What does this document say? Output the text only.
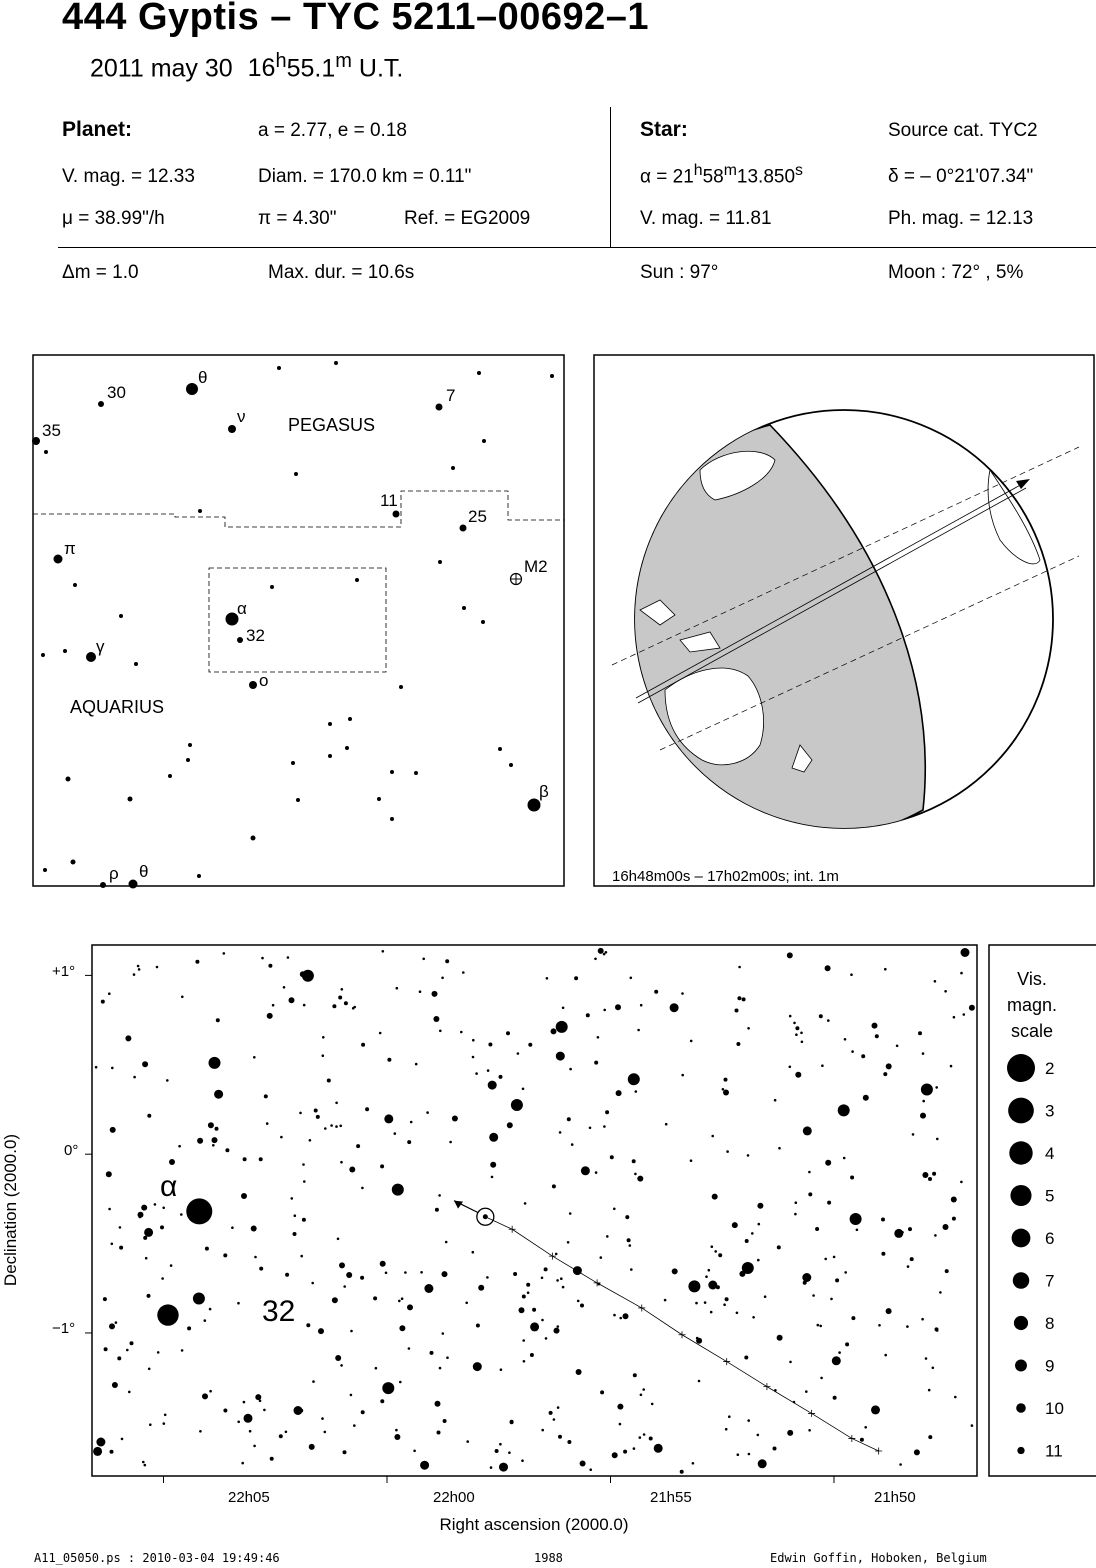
444 Gyptis – TYC 5211–00692–1
2011 may 30 16$^h$55.1$^m$ U.T.
Planet:	a = 2.77, e = 0.18
V. mag. = 12.33	Diam. = 170.0 km = 0.11"
μ = 38.99"/h	π = 4.30"	Ref. = EG2009
Star:	Source cat. TYC2
$\alpha = 21^h58^m13.850^s$	δ = – 0°21'07.34"
V. mag. = 11.81	Ph. mag. = 12.13
Δm = 1.0	Max. dur. = 10.6s	Sun : 97°	Moon : 72° , 5%
PEGASUS
AQUARIUS
30
θ
ν
7
35
11
25
π
M2
α
32
γ
o
β
ρ θ	16h48m00s – 17h02m00s; int. 1m
α
32
22h05	22h00	21h55	21h50
+1°
0°
−1°
Right ascension (2000.0)
Declination (2000.0)
Vis.
magn.
scale
2
3
4
5
6
7
8
9
10
11
A11_05050.ps : 2010-03-04 19:49:46	1988	Edwin Goffin, Hoboken, Belgium
